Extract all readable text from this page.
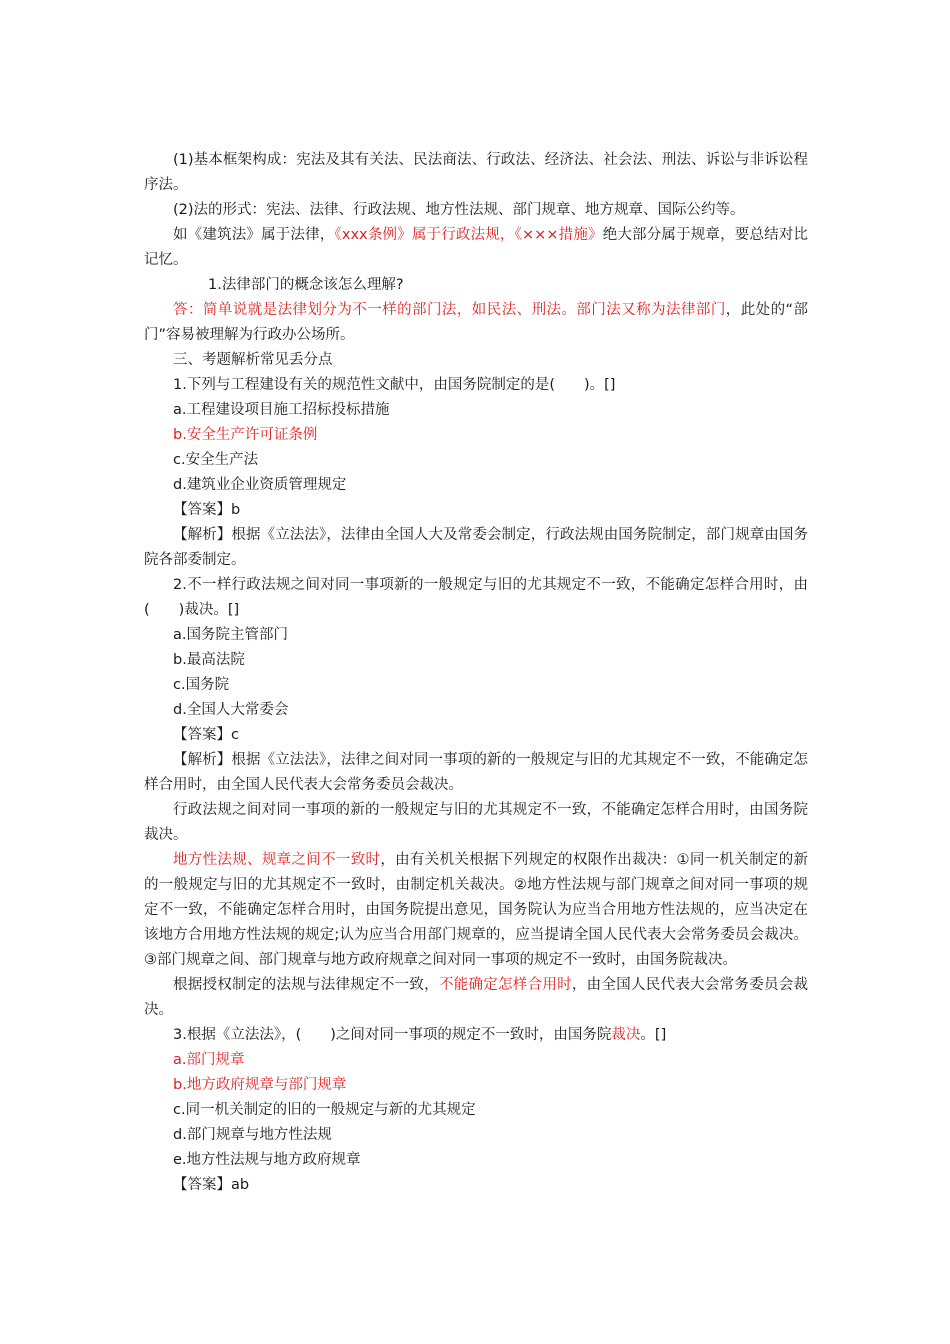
(1)基本框架构成：宪法及其有关法、民法商法、行政法、经济法、社会法、刑法、诉讼与非诉讼程序法。

(2)法的形式：宪法、法律、行政法规、地方性法规、部门规章、地方规章、国际公约等。

如《建筑法》属于法律，《xxx条例》属于行政法规，《×××措施》绝大部分属于规章，要总结对比记忆。

1.法律部门的概念该怎么理解?

答：简单说就是法律划分为不一样的部门法，如民法、刑法。部门法又称为法律部门，此处的“部门”容易被理解为行政办公场所。

三、考题解析常见丢分点

1.下列与工程建设有关的规范性文献中，由国务院制定的是(　　)。[]

a.工程建设项目施工招标投标措施

b.安全生产许可证条例

c.安全生产法

d.建筑业企业资质管理规定

【答案】b

【解析】根据《立法法》，法律由全国人大及常委会制定，行政法规由国务院制定，部门规章由国务院各部委制定。

2.不一样行政法规之间对同一事项新的一般规定与旧的尤其规定不一致，不能确定怎样合用时，由(　　)裁决。[]

a.国务院主管部门

b.最高法院

c.国务院

d.全国人大常委会

【答案】c

【解析】根据《立法法》，法律之间对同一事项的新的一般规定与旧的尤其规定不一致，不能确定怎样合用时，由全国人民代表大会常务委员会裁决。

行政法规之间对同一事项的新的一般规定与旧的尤其规定不一致，不能确定怎样合用时，由国务院裁决。

地方性法规、规章之间不一致时，由有关机关根据下列规定的权限作出裁决：①同一机关制定的新的一般规定与旧的尤其规定不一致时，由制定机关裁决。②地方性法规与部门规章之间对同一事项的规定不一致，不能确定怎样合用时，由国务院提出意见，国务院认为应当合用地方性法规的，应当决定在该地方合用地方性法规的规定;认为应当合用部门规章的，应当提请全国人民代表大会常务委员会裁决。③部门规章之间、部门规章与地方政府规章之间对同一事项的规定不一致时，由国务院裁决。

根据授权制定的法规与法律规定不一致，不能确定怎样合用时，由全国人民代表大会常务委员会裁决。

3.根据《立法法》，(　　)之间对同一事项的规定不一致时，由国务院裁决。[]

a.部门规章

b.地方政府规章与部门规章

c.同一机关制定的旧的一般规定与新的尤其规定

d.部门规章与地方性法规

e.地方性法规与地方政府规章

【答案】ab
